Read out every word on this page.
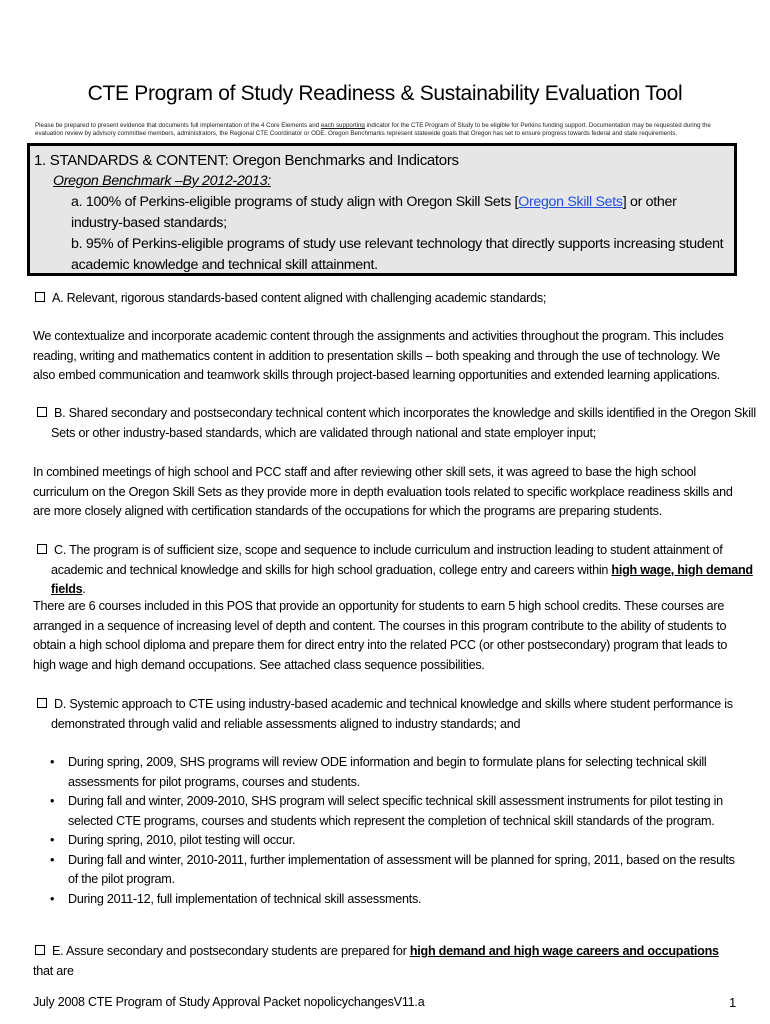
CTE Program of Study Readiness & Sustainability Evaluation Tool
Please be prepared to present evidence that documents full implementation of the 4 Core Elements and each supporting indicator for the CTE Program of Study to be eligible for Perkins funding support. Documentation may be requested during the evaluation review by advisory committee members, administrators, the Regional CTE Coordinator or ODE. Oregon Benchmarks represent statewide goals that Oregon has set to ensure progress towards federal and state requirements.
1. STANDARDS & CONTENT: Oregon Benchmarks and Indicators
Oregon Benchmark –By 2012-2013:
a. 100% of Perkins-eligible programs of study align with Oregon Skill Sets [Oregon Skill Sets] or other industry-based standards;
b. 95% of Perkins-eligible programs of study use relevant technology that directly supports increasing student academic knowledge and technical skill attainment.
A. Relevant, rigorous standards-based content aligned with challenging academic standards;
We contextualize and incorporate academic content through the assignments and activities throughout the program. This includes reading, writing and mathematics content in addition to presentation skills – both speaking and through the use of technology. We also embed communication and teamwork skills through project-based learning opportunities and extended learning applications.
B. Shared secondary and postsecondary technical content which incorporates the knowledge and skills identified in the Oregon Skill Sets or other industry-based standards, which are validated through national and state employer input;
In combined meetings of high school and PCC staff and after reviewing other skill sets, it was agreed to base the high school curriculum on the Oregon Skill Sets as they provide more in depth evaluation tools related to specific workplace readiness skills and are more closely aligned with certification standards of the occupations for which the programs are preparing students.
C. The program is of sufficient size, scope and sequence to include curriculum and instruction leading to student attainment of academic and technical knowledge and skills for high school graduation, college entry and careers within high wage, high demand fields.
There are 6 courses included in this POS that provide an opportunity for students to earn 5 high school credits. These courses are arranged in a sequence of increasing level of depth and content. The courses in this program contribute to the ability of students to obtain a high school diploma and prepare them for direct entry into the related PCC (or other postsecondary) program that leads to high wage and high demand occupations. See attached class sequence possibilities.
D. Systemic approach to CTE using industry-based academic and technical knowledge and skills where student performance is demonstrated through valid and reliable assessments aligned to industry standards; and
• During spring, 2009, SHS programs will review ODE information and begin to formulate plans for selecting technical skill assessments for pilot programs, courses and students.
• During fall and winter, 2009-2010, SHS program will select specific technical skill assessment instruments for pilot testing in selected CTE programs, courses and students which represent the completion of technical skill standards of the program.
• During spring, 2010, pilot testing will occur.
• During fall and winter, 2010-2011, further implementation of assessment will be planned for spring, 2011, based on the results of the pilot program.
• During 2011-12, full implementation of technical skill assessments.
E. Assure secondary and postsecondary students are prepared for high demand and high wage careers and occupations that are
July 2008 CTE Program of Study Approval Packet nopolicychangesV11.a	1
